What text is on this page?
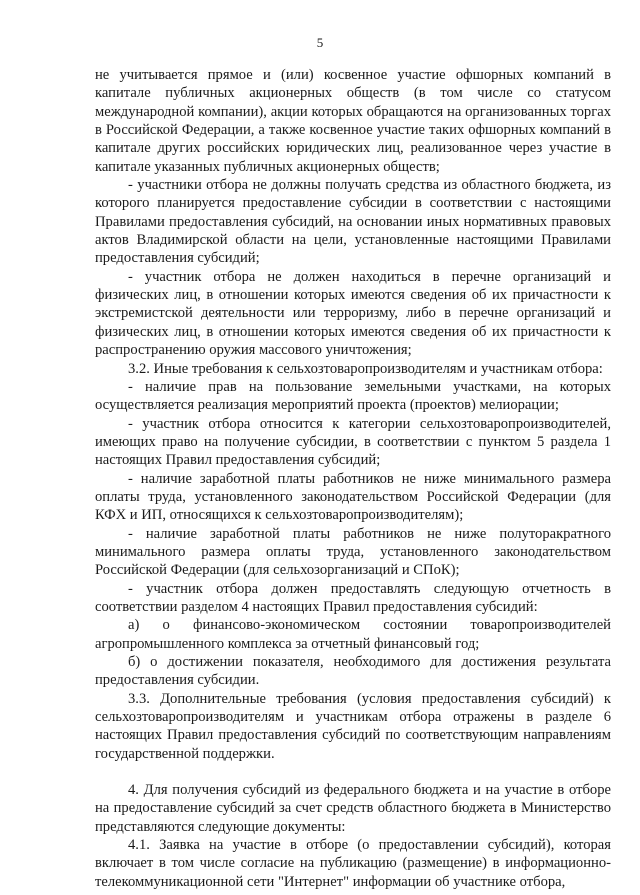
5

не учитывается прямое и (или) косвенное участие офшорных компаний в капитале публичных акционерных обществ (в том числе со статусом международной компании), акции которых обращаются на организованных торгах в Российской Федерации, а также косвенное участие таких офшорных компаний в капитале других российских юридических лиц, реализованное через участие в капитале указанных публичных акционерных обществ;

- участники отбора не должны получать средства из областного бюджета, из которого планируется предоставление субсидии в соответствии с настоящими Правилами предоставления субсидий, на основании иных нормативных правовых актов Владимирской области на цели, установленные настоящими Правилами предоставления субсидий;

- участник отбора не должен находиться в перечне организаций и физических лиц, в отношении которых имеются сведения об их причастности к экстремистской деятельности или терроризму, либо в перечне организаций и физических лиц, в отношении которых имеются сведения об их причастности к распространению оружия массового уничтожения;

3.2. Иные требования к сельхозтоваропроизводителям и участникам отбора:

- наличие прав на пользование земельными участками, на которых осуществляется реализация мероприятий проекта (проектов) мелиорации;

- участник отбора относится к категории сельхозтоваропроизводителей, имеющих право на получение субсидии, в соответствии с пунктом 5 раздела 1 настоящих Правил предоставления субсидий;

- наличие заработной платы работников не ниже минимального размера оплаты труда, установленного законодательством Российской Федерации (для КФХ и ИП, относящихся к сельхозтоваропроизводителям);

- наличие заработной платы работников не ниже полуторакратного минимального размера оплаты труда, установленного законодательством Российской Федерации (для сельхозорганизаций и СПоК);

- участник отбора должен предоставлять следующую отчетность в соответствии разделом 4 настоящих Правил предоставления субсидий:

а) о финансово-экономическом состоянии товаропроизводителей агропромышленного комплекса за отчетный финансовый год;

б) о достижении показателя, необходимого для достижения результата предоставления субсидии.

3.3. Дополнительные требования (условия предоставления субсидий) к сельхозтоваропроизводителям и участникам отбора отражены в разделе 6 настоящих Правил предоставления субсидий по соответствующим направлениям государственной поддержки.

4. Для получения субсидий из федерального бюджета и на участие в отборе на предоставление субсидий за счет средств областного бюджета в Министерство представляются следующие документы:

4.1. Заявка на участие в отборе (о предоставлении субсидий), которая включает в том числе согласие на публикацию (размещение) в информационно-телекоммуникационной сети "Интернет" информации об участнике отбора,
